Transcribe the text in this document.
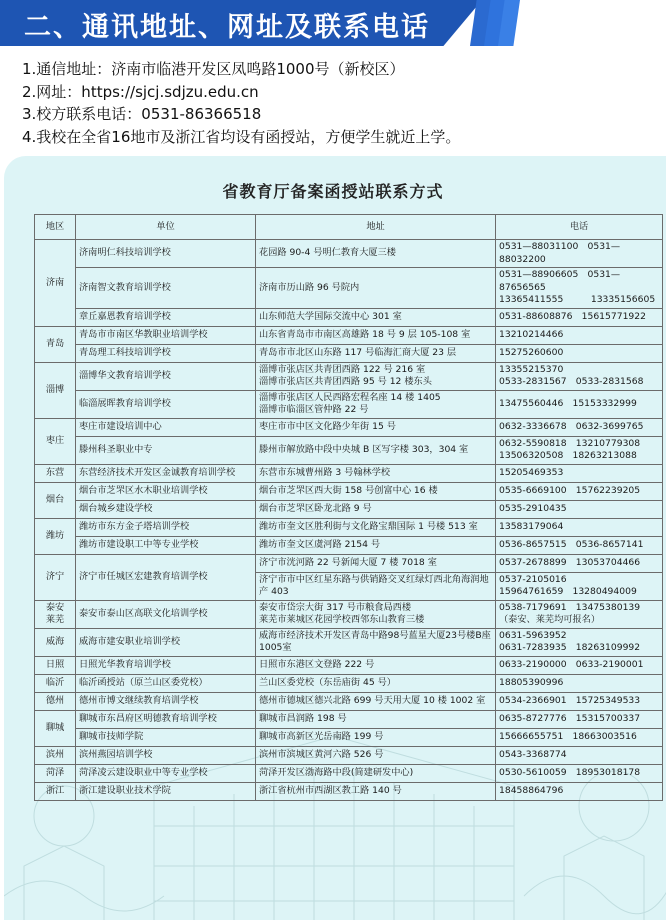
二、通讯地址、网址及联系电话

1.通信地址：济南市临港开发区凤鸣路1000号（新校区）

2.网址：https://sjcj.sdjzu.edu.cn

3.校方联系电话：0531-86366518

4.我校在全省16地市及浙江省均设有函授站，方便学生就近上学。

省教育厅备案函授站联系方式
地区	单位	地址	电话
济南	济南明仁科技培训学校	花园路 90-4 号明仁教育大厦三楼	0531—88031100　0531—88032200
	济南智文教育培训学校	济南市历山路 96 号院内	0531—88906605　0531—87656565
13365411555　　　13335156605
	章丘嘉恩教育培训学校	山东师范大学国际交流中心 301 室	0531-88608876　15615771922
青岛	青岛市市南区华教职业培训学校	山东省青岛市市南区高雄路 18 号 9 层 105-108 室	13210214466
	青岛理工科技培训学校	青岛市市北区山东路 117 号临海汇商大厦 23 层	15275260600
淄博	淄博华文教育培训学校	淄博市张店区共青团西路 122 号 216 室
淄博市张店区共青团西路 95 号 12 楼东头	13355215370
0533-2831567　0533-2831568
	临淄展晖教育培训学校	淄博市张店区人民西路宏程名座 14 楼 1405
淄博市临淄区管仲路 22 号	13475560446　15153332999
枣庄	枣庄市建设培训中心	枣庄市市中区文化路少年街 15 号	0632-3336678　0632-3699765
	滕州科圣职业中专	滕州市解放路中段中央城 B 区写字楼 303，304 室	0632-5590818　13210779308
13506320508　18263213088
东营	东营经济技术开发区金诚教育培训学校	东营市东城曹州路 3 号翰林学校	15205469353
烟台	烟台市芝罘区水木职业培训学校	烟台市芝罘区西大街 158 号创富中心 16 楼	0535-6669100　15762239205
	烟台城乡建设学校	烟台市芝罘区卧龙北路 9 号	0535-2910435
潍坊	潍坊市东方金子塔培训学校	潍坊市奎文区胜利街与文化路宝鼎国际 1 号楼 513 室	13583179064
	潍坊市建设职工中等专业学校	潍坊市奎文区虞河路 2154 号	0536-8657515　0536-8657141
济宁	济宁市任城区宏建教育培训学校	济宁市洸河路 22 号新闻大厦 7 楼 7018 室	0537-2678899　13053704466
		济宁市市中区红星东路与供销路交叉红绿灯西北角海润地产 403	0537-2105016
15964761659　13280494009
泰安
莱芜	泰安市泰山区高联文化培训学校	泰安市岱宗大街 317 号市粮食局西楼
莱芜市莱城区花园学校西邻东山教育三楼	0538-7179691　13475380139
（泰安、莱芜均可报名）
威海	威海市建安职业培训学校	威海市经济技术开发区青岛中路98号蓝星大厦23号楼B座 1005室	0631-5963952
0631-7283935　18263109992
日照	日照光华教育培训学校	日照市东港区文登路 222 号	0633-2190000　0633-2190001
临沂	临沂函授站（原兰山区委党校）	兰山区委党校（东岳庙街 45 号）	18805390996
德州	德州市博文继续教育培训学校	德州市德城区德兴北路 699 号天用大厦 10 楼 1002 室	0534-2366901　15725349533
聊城	聊城市东昌府区明德教育培训学校	聊城市昌润路 198 号	0635-8727776　15315700337
	聊城市技师学院	聊城市高新区光岳南路 199 号	15666655751　18663003516
滨州	滨州燕园培训学校	滨州市滨城区黄河六路 526 号	0543-3368774
菏泽	菏泽凌云建设职业中等专业学校	菏泽开发区渤海路中段(简建研发中心)	0530-5610059　18953018178
浙江	浙江建设职业技术学院	浙江省杭州市西湖区教工路 140 号	18458864796
